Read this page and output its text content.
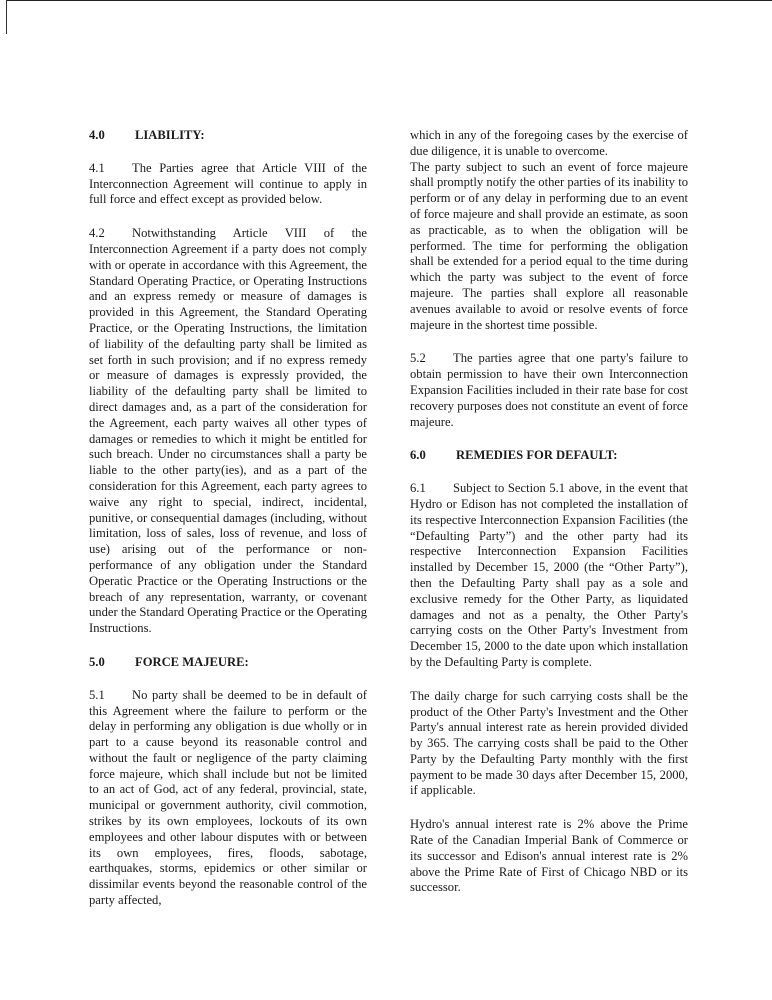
4.0 LIABILITY:

4.1 The Parties agree that Article VIII of the Interconnection Agreement will continue to apply in full force and effect except as provided below.

4.2 Notwithstanding Article VIII of the Interconnection Agreement if a party does not comply with or operate in accordance with this Agreement, the Standard Operating Practice, or Operating Instructions and an express remedy or measure of damages is provided in this Agreement, the Standard Operating Practice, or the Operating Instructions, the limitation of liability of the defaulting party shall be limited as set forth in such provision; and if no express remedy or measure of damages is expressly provided, the liability of the defaulting party shall be limited to direct damages and, as a part of the consideration for the Agreement, each party waives all other types of damages or remedies to which it might be entitled for such breach. Under no circumstances shall a party be liable to the other party(ies), and as a part of the consideration for this Agreement, each party agrees to waive any right to special, indirect, incidental, punitive, or consequential damages (including, without limitation, loss of sales, loss of revenue, and loss of use) arising out of the performance or non-performance of any obligation under the Standard Operatic Practice or the Operating Instructions or the breach of any representation, warranty, or covenant under the Standard Operating Practice or the Operating Instructions.

5.0 FORCE MAJEURE:

5.1 No party shall be deemed to be in default of this Agreement where the failure to perform or the delay in performing any obligation is due wholly or in part to a cause beyond its reasonable control and without the fault or negligence of the party claiming force majeure, which shall include but not be limited to an act of God, act of any federal, provincial, state, municipal or government authority, civil commotion, strikes by its own employees, lockouts of its own employees and other labour disputes with or between its own employees, fires, floods, sabotage, earthquakes, storms, epidemics or other similar or dissimilar events beyond the reasonable control of the party affected,

which in any of the foregoing cases by the exercise of due diligence, it is unable to overcome.

The party subject to such an event of force majeure shall promptly notify the other parties of its inability to perform or of any delay in performing due to an event of force majeure and shall provide an estimate, as soon as practicable, as to when the obligation will be performed. The time for performing the obligation shall be extended for a period equal to the time during which the party was subject to the event of force majeure. The parties shall explore all reasonable avenues available to avoid or resolve events of force majeure in the shortest time possible.

5.2 The parties agree that one party's failure to obtain permission to have their own Interconnection Expansion Facilities included in their rate base for cost recovery purposes does not constitute an event of force majeure.

6.0 REMEDIES FOR DEFAULT:

6.1 Subject to Section 5.1 above, in the event that Hydro or Edison has not completed the installation of its respective Interconnection Expansion Facilities (the “Defaulting Party”) and the other party had its respective Interconnection Expansion Facilities installed by December 15, 2000 (the “Other Party”), then the Defaulting Party shall pay as a sole and exclusive remedy for the Other Party, as liquidated damages and not as a penalty, the Other Party's carrying costs on the Other Party's Investment from December 15, 2000 to the date upon which installation by the Defaulting Party is complete.

The daily charge for such carrying costs shall be the product of the Other Party's Investment and the Other Party's annual interest rate as herein provided divided by 365. The carrying costs shall be paid to the Other Party by the Defaulting Party monthly with the first payment to be made 30 days after December 15, 2000, if applicable.

Hydro's annual interest rate is 2% above the Prime Rate of the Canadian Imperial Bank of Commerce or its successor and Edison's annual interest rate is 2% above the Prime Rate of First of Chicago NBD or its successor.
